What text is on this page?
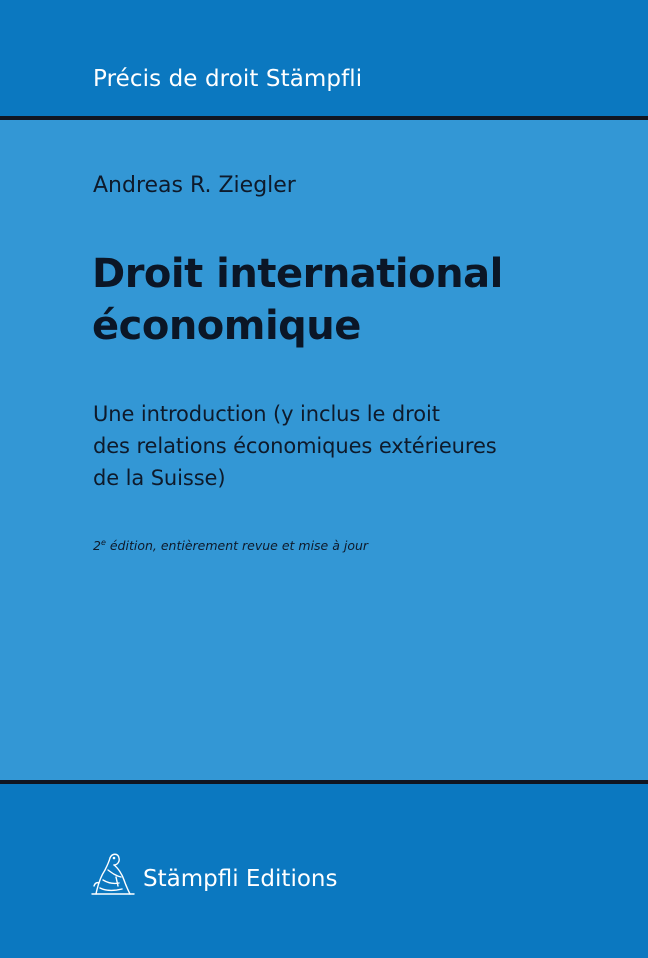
Précis de droit Stämpfli
Andreas R. Ziegler
Droit international
économique
Une introduction (y inclus le droit
des relations économiques extérieures
de la Suisse)
2e édition, entièrement revue et mise à jour
Stämpfli Editions
